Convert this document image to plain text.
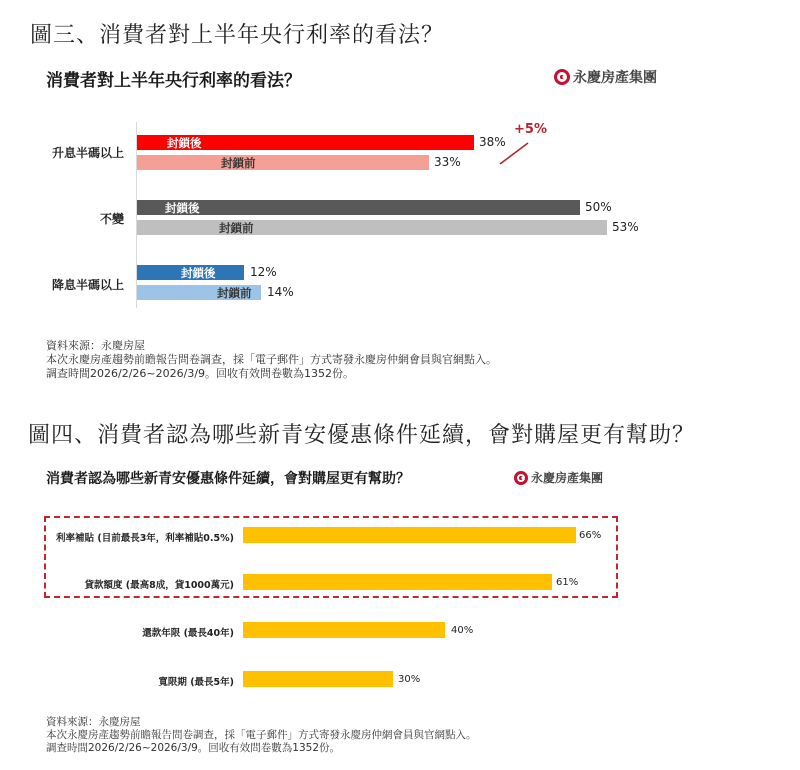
圖三、消費者對上半年央行利率的看法？
消費者對上半年央行利率的看法？	永慶房產集團
升息半碼以上
封鎖後	38%
封鎖前	33%
+5%
不變
封鎖後	50%
封鎖前	53%
降息半碼以上
封鎖後	12%
封鎖前 14%
資料來源：永慶房屋
本次永慶房產趨勢前瞻報告問卷調查，採「電子郵件」方式寄發永慶房仲網會員與官網點入。
調查時間2026/2/26~2026/3/9。回收有效問卷數為1352份。
圖四、消費者認為哪些新青安優惠條件延續，會對購屋更有幫助？
消費者認為哪些新青安優惠條件延續，會對購屋更有幫助？	永慶房產集團
利率補貼 (目前最長3年，利率補貼0.5%)	66%
貸款額度 (最高8成，貸1000萬元)	61%
還款年限 (最長40年)	40%
寬限期 (最長5年)	30%
資料來源：永慶房屋
本次永慶房產趨勢前瞻報告問卷調查，採「電子郵件」方式寄發永慶房仲網會員與官網點入。
調查時間2026/2/26~2026/3/9。回收有效問卷數為1352份。
